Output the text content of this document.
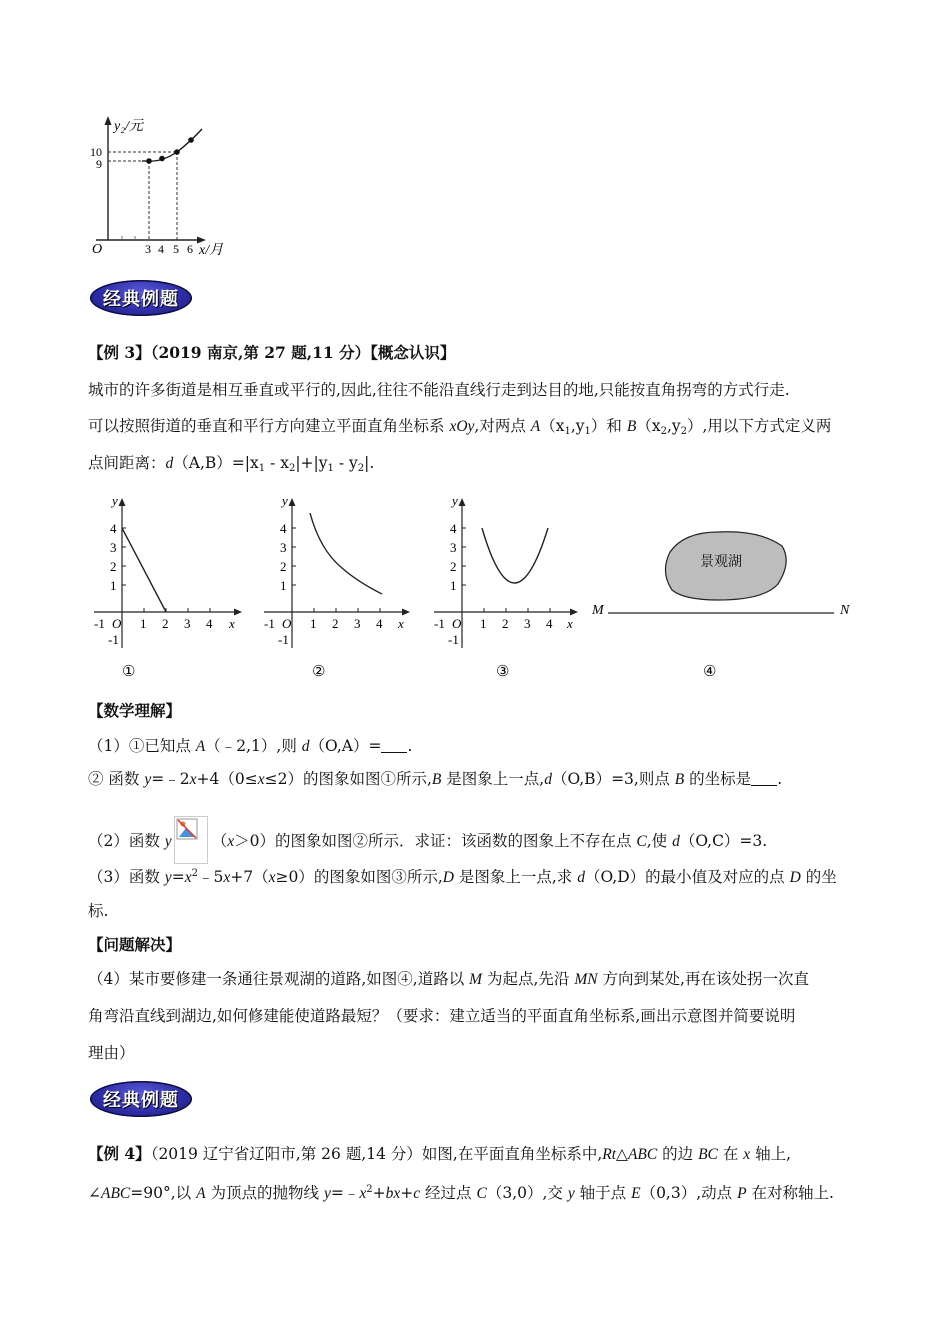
y₂/元
10
9
O	3 4 5 6 x/月
经典例题
【例 3】（2019 南京,第 27 题,11 分）【概念认识】
城市的许多街道是相互垂直或平行的,因此,往往不能沿直线行走到达目的地,只能按直角拐弯的方式行走.
可以按照街道的垂直和平行方向建立平面直角坐标系 xOy,对两点 $A(x_1,y_1)$和 $B(x_2,y_2)$,用以下方式定义两
点间距离：$d(A,B)=|x_1$ ‑ $x_2|+|y_1$ ‑ $y_2|$.
y
4
3
2
1
-1
-1 O 1 2 3 4 x
①
y
4
3
2
1
-1
-1 O 1 2 3 4 x
②
y
4
3
2
1
-1
-1 O 1 2 3 4 x
③
景观湖
M	N
④
【数学理解】
（1）①已知点 A（﹣2,1）,则 d（O,A）= .
② 函数 y=﹣2x+4（0≤x≤2）的图象如图①所示,B 是图象上一点,d（O,B）=3,则点 B 的坐标是 .
（2）函数 y	（x＞0）的图象如图②所示．求证：该函数的图象上不存在点 C,使 d（O,C）=3.
（3）函数 $y=x^2﹣5x+7(x\ge 0)$的图象如图③所示,D 是图象上一点,求 d（O,D）的最小值及对应的点 D 的坐
标.
【问题解决】
（4）某市要修建一条通往景观湖的道路,如图④,道路以 M 为起点,先沿 MN 方向到某处,再在该处拐一次直
角弯沿直线到湖边,如何修建能使道路最短？（要求：建立适当的平面直角坐标系,画出示意图并简要说明
理由）
经典例题
【例 4】（2019 辽宁省辽阳市,第 26 题,14 分）如图,在平面直角坐标系中,Rt△ABC 的边 BC 在 x 轴上,
∠ABC=90°,以 A 为顶点的抛物线 $y=﹣x^2+bx+c$ 经过点 C（3,0）,交 y 轴于点 E（0,3）,动点 P 在对称轴上.
